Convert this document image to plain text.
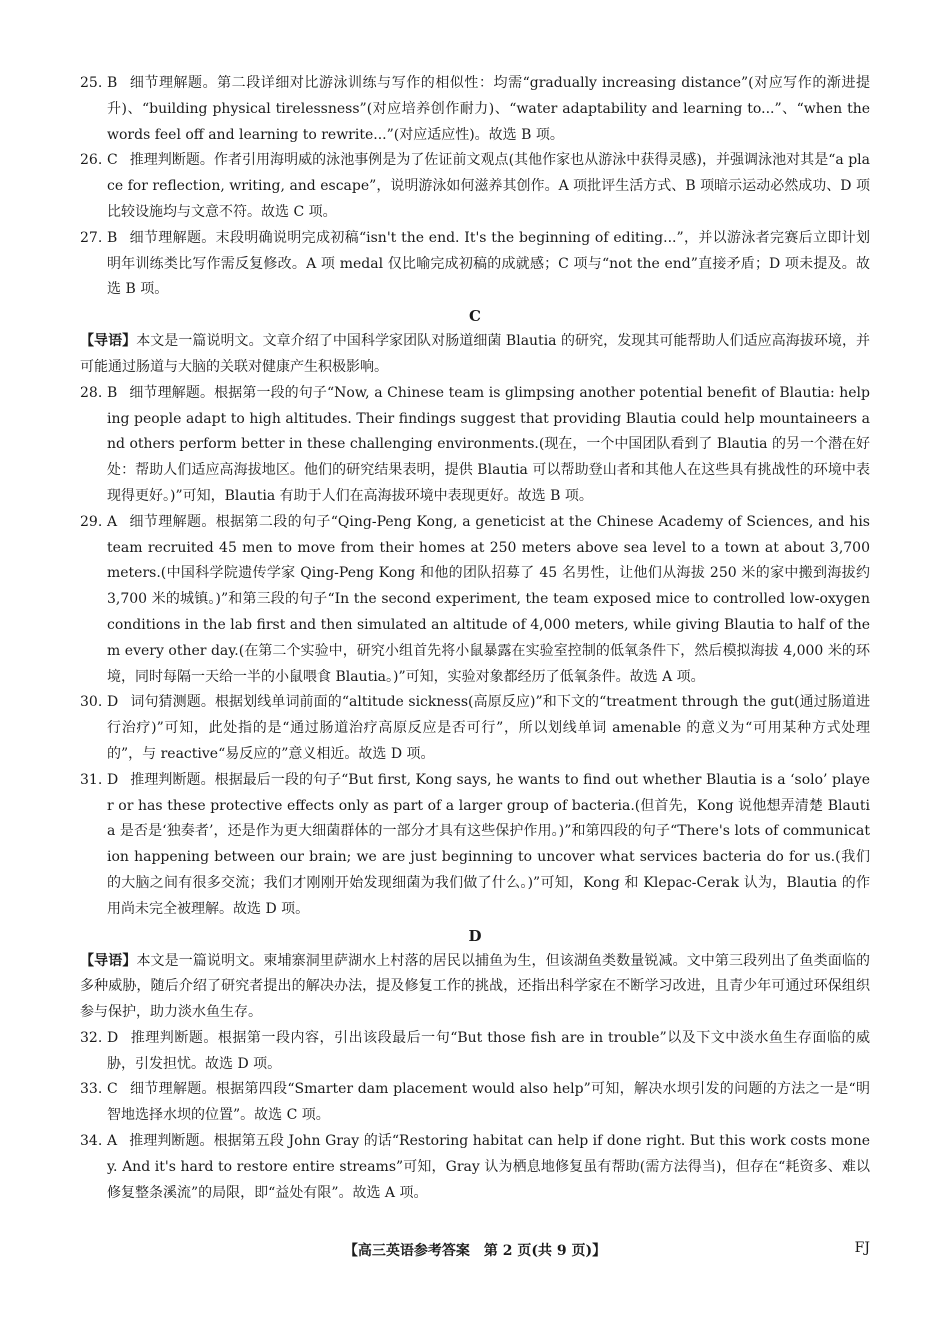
25. B 细节理解题。第二段详细对比游泳训练与写作的相似性：均需“gradually increasing distance”(对应写作的渐进提升)、“building physical tirelessness”(对应培养创作耐力)、“water adaptability and learning to...”、“when the words feel off and learning to rewrite...”(对应适应性)。故选 B 项。
26. C 推理判断题。作者引用海明威的泳池事例是为了佐证前文观点(其他作家也从游泳中获得灵感)，并强调泳池对其是“a place for reflection, writing, and escape”，说明游泳如何滋养其创作。A 项批评生活方式、B 项暗示运动必然成功、D 项比较设施均与文意不符。故选 C 项。
27. B 细节理解题。末段明确说明完成初稿“isn't the end. It's the beginning of editing...”，并以游泳者完赛后立即计划明年训练类比写作需反复修改。A 项 medal 仅比喻完成初稿的成就感；C 项与“not the end”直接矛盾；D 项未提及。故选 B 项。
C
【导语】本文是一篇说明文。文章介绍了中国科学家团队对肠道细菌 Blautia 的研究，发现其可能帮助人们适应高海拔环境，并可能通过肠道与大脑的关联对健康产生积极影响。
28. B 细节理解题。根据第一段的句子“Now, a Chinese team is glimpsing another potential benefit of Blautia: helping people adapt to high altitudes. Their findings suggest that providing Blautia could help mountaineers and others perform better in these challenging environments.(现在，一个中国团队看到了 Blautia 的另一个潜在好处：帮助人们适应高海拔地区。他们的研究结果表明，提供 Blautia 可以帮助登山者和其他人在这些具有挑战性的环境中表现得更好。)”可知，Blautia 有助于人们在高海拔环境中表现更好。故选 B 项。
29. A 细节理解题。根据第二段的句子“Qing-Peng Kong, a geneticist at the Chinese Academy of Sciences, and his team recruited 45 men to move from their homes at 250 meters above sea level to a town at about 3,700 meters.(中国科学院遗传学家 Qing-Peng Kong 和他的团队招募了 45 名男性，让他们从海拔 250 米的家中搬到海拔约 3,700 米的城镇。)”和第三段的句子“In the second experiment, the team exposed mice to controlled low-oxygen conditions in the lab first and then simulated an altitude of 4,000 meters, while giving Blautia to half of them every other day.(在第二个实验中，研究小组首先将小鼠暴露在实验室控制的低氧条件下，然后模拟海拔 4,000 米的环境，同时每隔一天给一半的小鼠喂食 Blautia。)”可知，实验对象都经历了低氧条件。故选 A 项。
30. D 词句猜测题。根据划线单词前面的“altitude sickness(高原反应)”和下文的“treatment through the gut(通过肠道进行治疗)”可知，此处指的是“通过肠道治疗高原反应是否可行”，所以划线单词 amenable 的意义为“可用某种方式处理的”，与 reactive“易反应的”意义相近。故选 D 项。
31. D 推理判断题。根据最后一段的句子“But first, Kong says, he wants to find out whether Blautia is a ‘solo’ player or has these protective effects only as part of a larger group of bacteria.(但首先，Kong 说他想弄清楚 Blautia 是否是‘独奏者’，还是作为更大细菌群体的一部分才具有这些保护作用。)”和第四段的句子“There's lots of communication happening between our brain; we are just beginning to uncover what services bacteria do for us.(我们的大脑之间有很多交流；我们才刚刚开始发现细菌为我们做了什么。)”可知，Kong 和 Klepac-Cerak 认为，Blautia 的作用尚未完全被理解。故选 D 项。
D
【导语】本文是一篇说明文。柬埔寨洞里萨湖水上村落的居民以捕鱼为生，但该湖鱼类数量锐减。文中第三段列出了鱼类面临的多种威胁，随后介绍了研究者提出的解决办法，提及修复工作的挑战，还指出科学家在不断学习改进，且青少年可通过环保组织参与保护，助力淡水鱼生存。
32. D 推理判断题。根据第一段内容，引出该段最后一句“But those fish are in trouble”以及下文中淡水鱼生存面临的威胁，引发担忧。故选 D 项。
33. C 细节理解题。根据第四段“Smarter dam placement would also help”可知，解决水坝引发的问题的方法之一是“明智地选择水坝的位置”。故选 C 项。
34. A 推理判断题。根据第五段 John Gray 的话“Restoring habitat can help if done right. But this work costs money. And it's hard to restore entire streams”可知，Gray 认为栖息地修复虽有帮助(需方法得当)，但存在“耗资多、难以修复整条溪流”的局限，即“益处有限”。故选 A 项。
【高三英语参考答案　第 2 页(共 9 页)】	FJ
